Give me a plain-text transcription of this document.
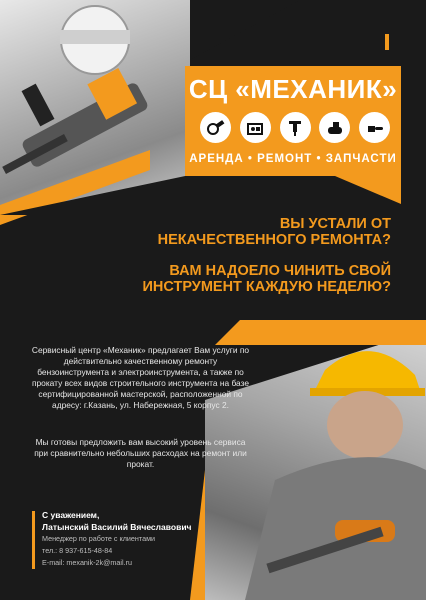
СЦ «МЕХАНИК»
АРЕНДА • РЕМОНТ • ЗАПЧАСТИ
ВЫ УСТАЛИ ОТ НЕКАЧЕСТВЕННОГО РЕМОНТА?
ВАМ НАДОЕЛО ЧИНИТЬ СВОЙ ИНСТРУМЕНТ КАЖДУЮ НЕДЕЛЮ?
Сервисный центр «Механик» предлагает Вам услуги по действительно качественному ремонту бензоинструмента и электроинструмента, а также по прокату всех видов строительного инструмента на базе сертифицированной мастерской, расположенной по адресу: г.Казань, ул. Набережная, 5 корпус 2.
Мы готовы предложить вам высокий уровень сервиса при сравнительно небольших расходах на ремонт или прокат.
С уважением,
Латынский Василий Вячеславович
Менеджер по работе с клиентами
тел.: 8 937-615-48-84
E-mail: mexanik-2k@mail.ru
